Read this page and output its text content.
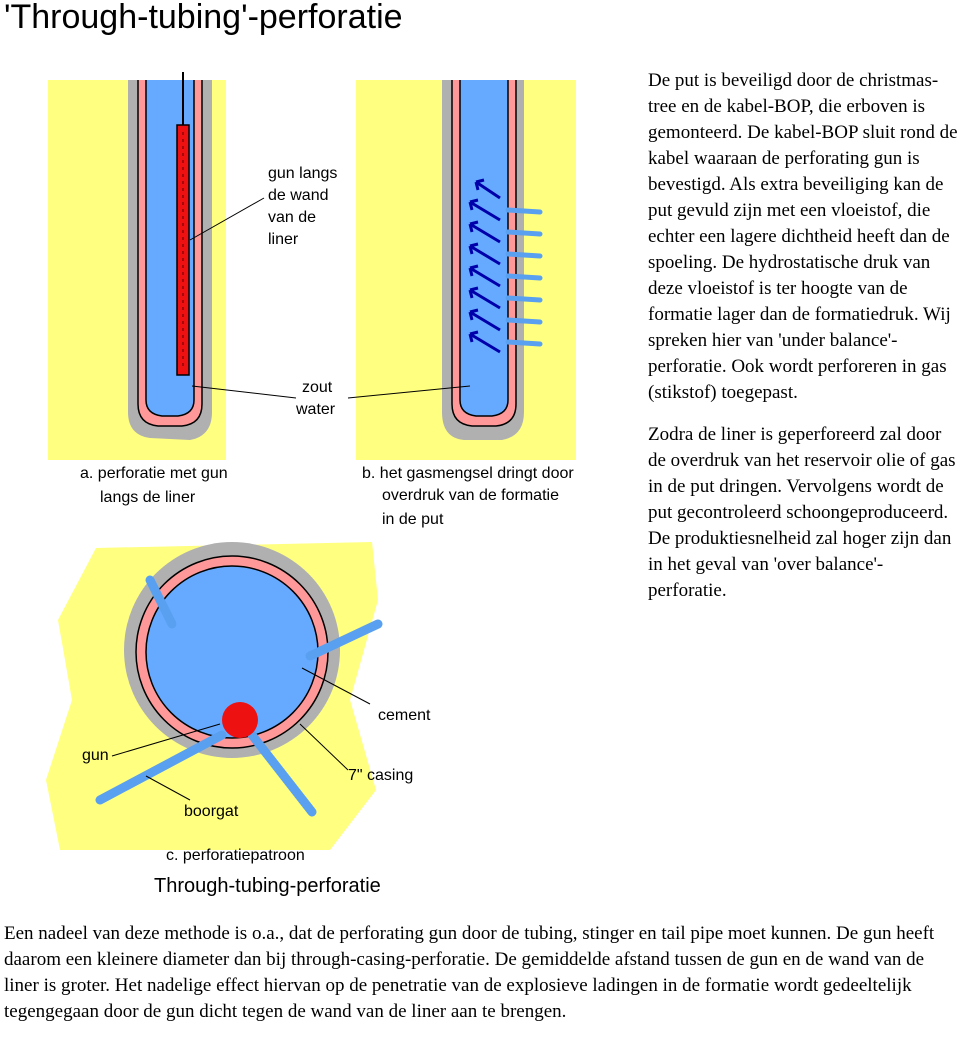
'Through-tubing'-perforatie
gun langs
de wand
van de
liner
zout
water
a. perforatie met gun
langs de liner
b. het gasmengsel dringt door
overdruk van de formatie
in de put
cement
gun
7" casing
boorgat
c. perforatiepatroon
Through-tubing-perforatie

De put is beveiligd door de christmas-tree en de kabel-BOP, die erboven is gemonteerd. De kabel-BOP sluit rond de kabel waaraan de perforating gun is bevestigd. Als extra beveiliging kan de put gevuld zijn met een vloeistof, die echter een lagere dichtheid heeft dan de spoeling. De hydrostatische druk van deze vloeistof is ter hoogte van de formatie lager dan de formatiedruk. Wij spreken hier van 'under balance'-perforatie. Ook wordt perforeren in gas (stikstof) toegepast.

Zodra de liner is geperforeerd zal door de overdruk van het reservoir olie of gas in de put dringen. Vervolgens wordt de put gecontroleerd schoongeproduceerd. De produktiesnelheid zal hoger zijn dan in het geval van 'over balance'-perforatie.

Een nadeel van deze methode is o.a., dat de perforating gun door de tubing, stinger en tail pipe moet kunnen. De gun heeft daarom een kleinere diameter dan bij through-casing-perforatie. De gemiddelde afstand tussen de gun en de wand van de liner is groter. Het nadelige effect hiervan op de penetratie van de explosieve ladingen in de formatie wordt gedeeltelijk tegengegaan door de gun dicht tegen de wand van de liner aan te brengen.
